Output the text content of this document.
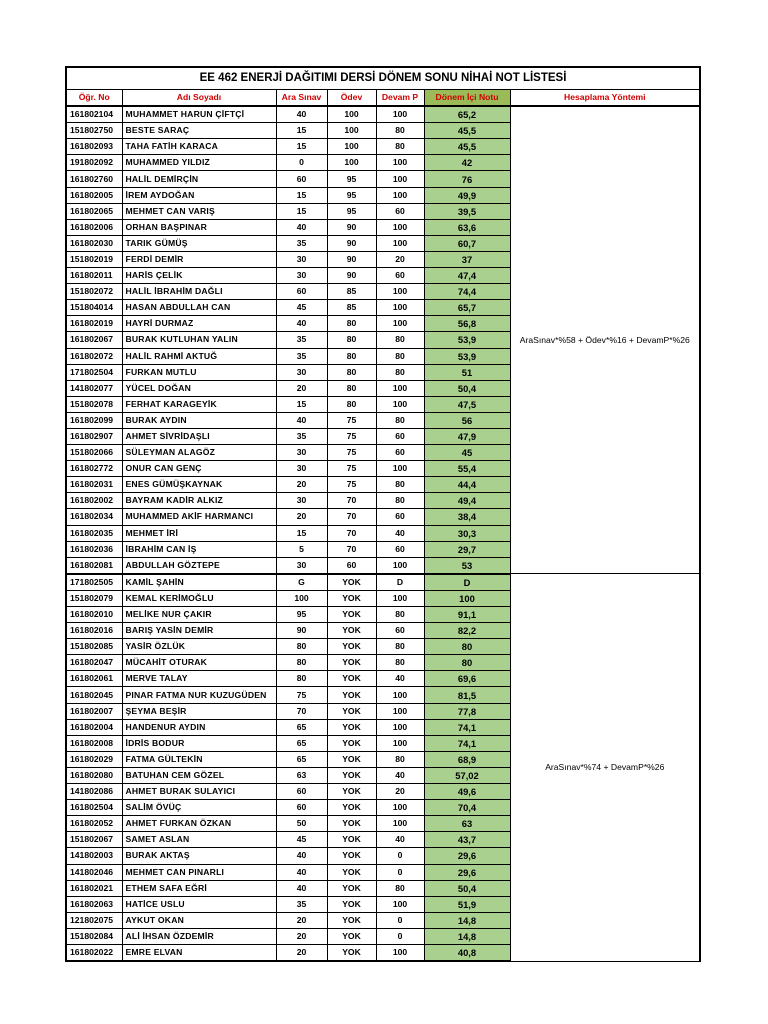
EE 462 ENERJİ DAĞITIMI DERSİ DÖNEM SONU NİHAİ NOT LİSTESİ						
Öğr. No	Adı Soyadı	Ara Sınav	Ödev	Devam P	Dönem İçi Notu	Hesaplama Yöntemi
161802104	MUHAMMET HARUN ÇİFTÇİ	40	100	100	65,2	AraSınav*%58 + Ödev*%16 + DevamP*%26
151802750	BESTE SARAÇ	15	100	80	45,5	
161802093	TAHA FATİH KARACA	15	100	80	45,5	
191802092	MUHAMMED YILDIZ	0	100	100	42	
161802760	HALİL DEMİRÇİN	60	95	100	76	
161802005	İREM AYDOĞAN	15	95	100	49,9	
161802065	MEHMET CAN VARIŞ	15	95	60	39,5	
161802006	ORHAN BAŞPINAR	40	90	100	63,6	
161802030	TARIK GÜMÜŞ	35	90	100	60,7	
151802019	FERDİ DEMİR	30	90	20	37	
161802011	HARİS ÇELİK	30	90	60	47,4	
151802072	HALİL İBRAHİM DAĞLI	60	85	100	74,4	
151804014	HASAN ABDULLAH CAN	45	85	100	65,7	
161802019	HAYRİ DURMAZ	40	80	100	56,8	
161802067	BURAK KUTLUHAN YALIN	35	80	80	53,9	
161802072	HALİL RAHMİ AKTUĞ	35	80	80	53,9	
171802504	FURKAN MUTLU	30	80	80	51	
141802077	YÜCEL DOĞAN	20	80	100	50,4	
151802078	FERHAT KARAGEYİK	15	80	100	47,5	
161802099	BURAK AYDIN	40	75	80	56	
161802907	AHMET SİVRİDAŞLI	35	75	60	47,9	
151802066	SÜLEYMAN ALAGÖZ	30	75	60	45	
161802772	ONUR CAN GENÇ	30	75	100	55,4	
161802031	ENES GÜMÜŞKAYNAK	20	75	80	44,4	
161802002	BAYRAM KADİR ALKIZ	30	70	80	49,4	
161802034	MUHAMMED AKİF HARMANCI	20	70	60	38,4	
161802035	MEHMET İRİ	15	70	40	30,3	
161802036	İBRAHİM CAN İŞ	5	70	60	29,7	
161802081	ABDULLAH GÖZTEPE	30	60	100	53	
171802505	KAMİL ŞAHİN	G	YOK	D	D	AraSınav*%74 + DevamP*%26
151802079	KEMAL KERİMOĞLU	100	YOK	100	100	
161802010	MELİKE NUR ÇAKIR	95	YOK	80	91,1	
161802016	BARIŞ YASİN DEMİR	90	YOK	60	82,2	
151802085	YASİR ÖZLÜK	80	YOK	80	80	
161802047	MÜCAHİT OTURAK	80	YOK	80	80	
161802061	MERVE TALAY	80	YOK	40	69,6	
161802045	PINAR FATMA NUR KUZUGÜDEN	75	YOK	100	81,5	
161802007	ŞEYMA BEŞİR	70	YOK	100	77,8	
161802004	HANDENUR AYDIN	65	YOK	100	74,1	
161802008	İDRİS BODUR	65	YOK	100	74,1	
161802029	FATMA GÜLTEKİN	65	YOK	80	68,9	
161802080	BATUHAN CEM GÖZEL	63	YOK	40	57,02	
141802086	AHMET BURAK SULAYICI	60	YOK	20	49,6	
161802504	SALİM ÖVÜÇ	60	YOK	100	70,4	
161802052	AHMET FURKAN ÖZKAN	50	YOK	100	63	
151802067	SAMET ASLAN	45	YOK	40	43,7	
141802003	BURAK AKTAŞ	40	YOK	0	29,6	
141802046	MEHMET CAN PINARLI	40	YOK	0	29,6	
161802021	ETHEM SAFA EĞRİ	40	YOK	80	50,4	
161802063	HATİCE USLU	35	YOK	100	51,9	
121802075	AYKUT OKAN	20	YOK	0	14,8	
151802084	ALİ İHSAN ÖZDEMİR	20	YOK	0	14,8	
161802022	EMRE ELVAN	20	YOK	100	40,8	
